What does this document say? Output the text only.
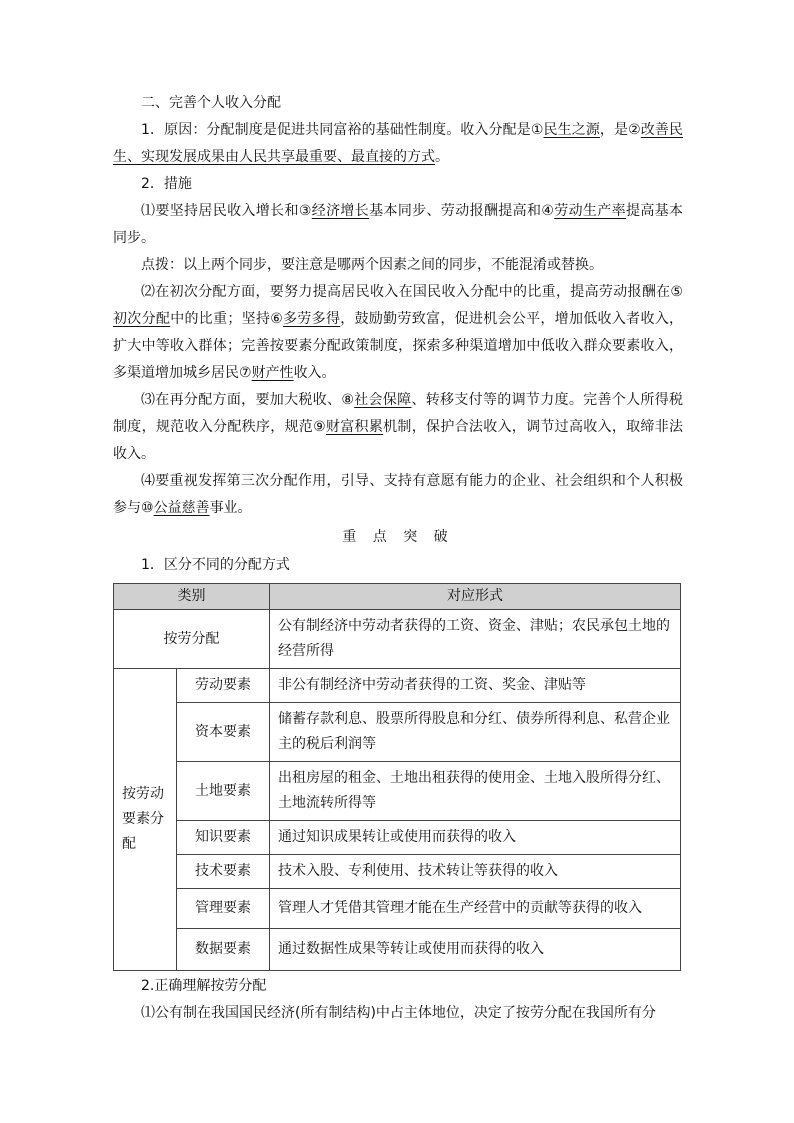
二、完善个人收入分配

1．原因：分配制度是促进共同富裕的基础性制度。收入分配是①民生之源，是②改善民生、实现发展成果由人民共享最重要、最直接的方式。

2．措施

⑴要坚持居民收入增长和③经济增长基本同步、劳动报酬提高和④劳动生产率提高基本同步。

点拨：以上两个同步，要注意是哪两个因素之间的同步，不能混淆或替换。

⑵在初次分配方面，要努力提高居民收入在国民收入分配中的比重，提高劳动报酬在⑤初次分配中的比重；坚持⑥多劳多得，鼓励勤劳致富，促进机会公平，增加低收入者收入，扩大中等收入群体；完善按要素分配政策制度，探索多种渠道增加中低收入群众要素收入，多渠道增加城乡居民⑦财产性收入。

⑶在再分配方面，要加大税收、⑧社会保障、转移支付等的调节力度。完善个人所得税制度，规范收入分配秩序，规范⑨财富积累机制，保护合法收入，调节过高收入，取缔非法收入。

⑷要重视发挥第三次分配作用，引导、支持有意愿有能力的企业、社会组织和个人积极参与⑩公益慈善事业。

重 点 突 破

1．区分不同的分配方式

类别		对应形式
按劳分配		公有制经济中劳动者获得的工资、资金、津贴；农民承包土地的经营所得
按劳动要素分配	劳动要素	非公有制经济中劳动者获得的工资、奖金、津贴等
	资本要素	储蓄存款利息、股票所得股息和分红、债券所得利息、私营企业主的税后利润等
	土地要素	出租房屋的租金、土地出租获得的使用金、土地入股所得分红、土地流转所得等
	知识要素	通过知识成果转让或使用而获得的收入
	技术要素	技术入股、专利使用、技术转让等获得的收入
	管理要素	管理人才凭借其管理才能在生产经营中的贡献等获得的收入
	数据要素	通过数据性成果等转让或使用而获得的收入

2.正确理解按劳分配

⑴公有制在我国国民经济(所有制结构)中占主体地位，决定了按劳分配在我国所有分
